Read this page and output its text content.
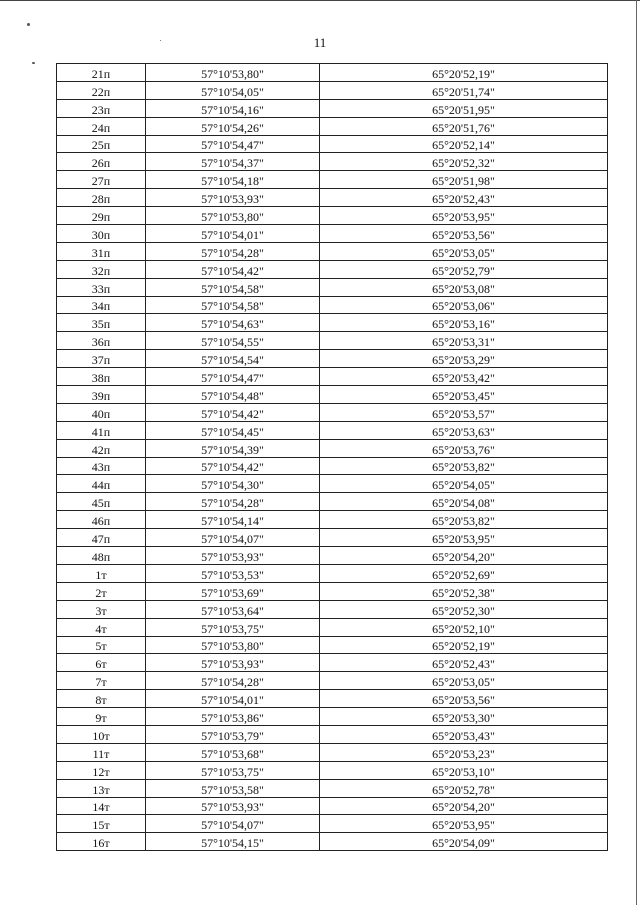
11
21п	57°10'53,80"	65°20'52,19"
22п	57°10'54,05"	65°20'51,74"
23п	57°10'54,16"	65°20'51,95"
24п	57°10'54,26"	65°20'51,76"
25п	57°10'54,47"	65°20'52,14"
26п	57°10'54,37"	65°20'52,32"
27п	57°10'54,18"	65°20'51,98"
28п	57°10'53,93"	65°20'52,43"
29п	57°10'53,80"	65°20'53,95"
30п	57°10'54,01"	65°20'53,56"
31п	57°10'54,28"	65°20'53,05"
32п	57°10'54,42"	65°20'52,79"
33п	57°10'54,58"	65°20'53,08"
34п	57°10'54,58"	65°20'53,06"
35п	57°10'54,63"	65°20'53,16"
36п	57°10'54,55"	65°20'53,31"
37п	57°10'54,54"	65°20'53,29"
38п	57°10'54,47"	65°20'53,42"
39п	57°10'54,48"	65°20'53,45"
40п	57°10'54,42"	65°20'53,57"
41п	57°10'54,45"	65°20'53,63"
42п	57°10'54,39"	65°20'53,76"
43п	57°10'54,42"	65°20'53,82"
44п	57°10'54,30"	65°20'54,05"
45п	57°10'54,28"	65°20'54,08"
46п	57°10'54,14"	65°20'53,82"
47п	57°10'54,07"	65°20'53,95"
48п	57°10'53,93"	65°20'54,20"
1т	57°10'53,53"	65°20'52,69"
2т	57°10'53,69"	65°20'52,38"
3т	57°10'53,64"	65°20'52,30"
4т	57°10'53,75"	65°20'52,10"
5т	57°10'53,80"	65°20'52,19"
6т	57°10'53,93"	65°20'52,43"
7т	57°10'54,28"	65°20'53,05"
8т	57°10'54,01"	65°20'53,56"
9т	57°10'53,86"	65°20'53,30"
10т	57°10'53,79"	65°20'53,43"
11т	57°10'53,68"	65°20'53,23"
12т	57°10'53,75"	65°20'53,10"
13т	57°10'53,58"	65°20'52,78"
14т	57°10'53,93"	65°20'54,20"
15т	57°10'54,07"	65°20'53,95"
16т	57°10'54,15"	65°20'54,09"
